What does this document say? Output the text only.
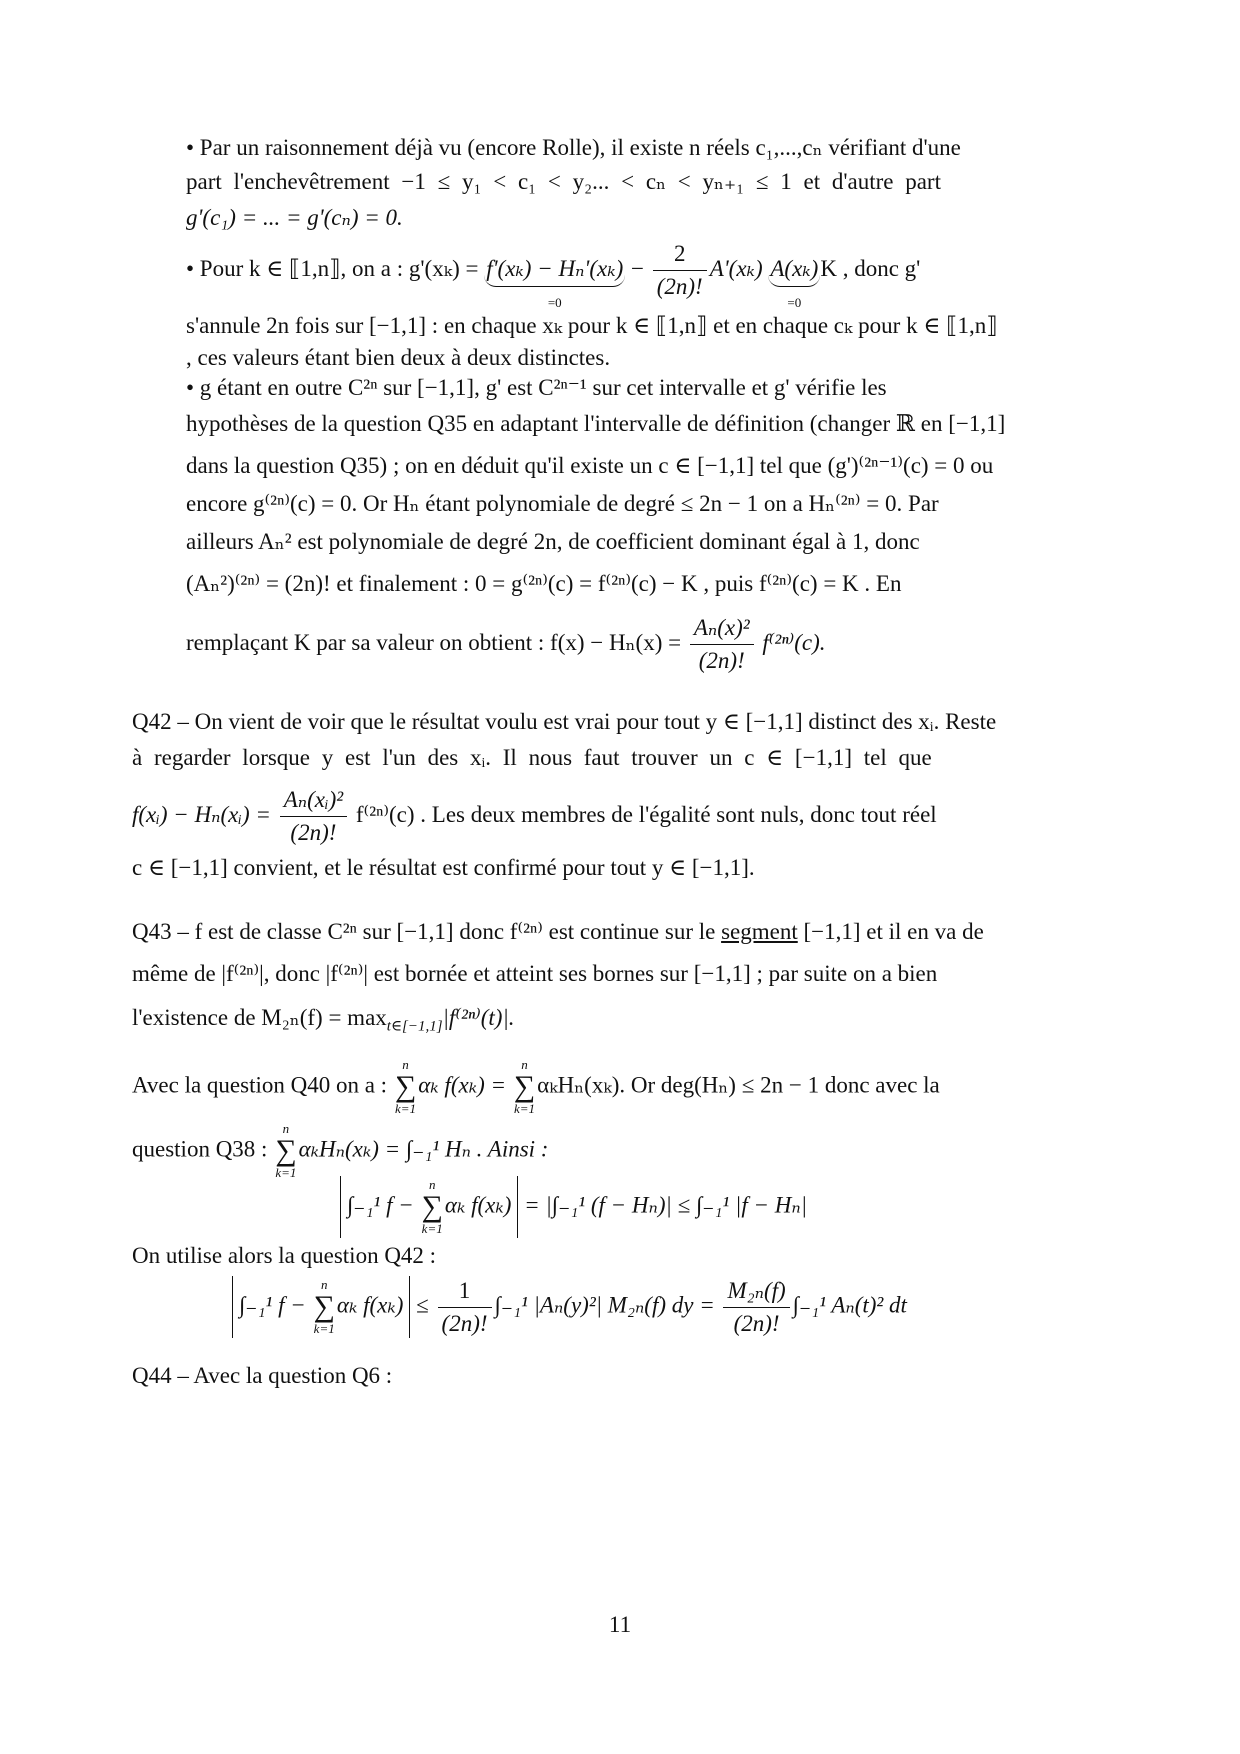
• Par un raisonnement déjà vu (encore Rolle), il existe n réels c₁,...,cₙ vérifiant d'une
part l'enchevêtrement −1 ≤ y₁ < c₁ < y₂... < cₙ < yₙ₊₁ ≤ 1 et d'autre part
g'(c₁) = ... = g'(cₙ) = 0.
• Pour k ∈ ⟦1,n⟧, on a : g'(xₖ) = f'(xₖ) − Hₙ'(xₖ)
=0
− $\frac{2}{(2n)!} A'(x_k)$ A(xₖ)
=0
K , donc g'
s'annule 2n fois sur [−1,1] : en chaque xₖ pour k ∈ ⟦1,n⟧ et en chaque cₖ pour k ∈ ⟦1,n⟧
, ces valeurs étant bien deux à deux distinctes.
• g étant en outre C²ⁿ sur [−1,1], g' est C²ⁿ⁻¹ sur cet intervalle et g' vérifie les
hypothèses de la question Q35 en adaptant l'intervalle de définition (changer ℝ en [−1,1]
dans la question Q35) ; on en déduit qu'il existe un c ∈ [−1,1] tel que (g')⁽²ⁿ⁻¹⁾(c) = 0 ou
encore g⁽²ⁿ⁾(c) = 0. Or Hₙ étant polynomiale de degré ≤ 2n − 1 on a Hₙ⁽²ⁿ⁾ = 0. Par
ailleurs Aₙ² est polynomiale de degré 2n, de coefficient dominant égal à 1, donc
(Aₙ²)⁽²ⁿ⁾ = (2n)! et finalement : 0 = g⁽²ⁿ⁾(c) = f⁽²ⁿ⁾(c) − K , puis f⁽²ⁿ⁾(c) = K . En
remplaçant K par sa valeur on obtient : $f(x) - H_n(x) = \frac{\text{Aₙ(x)²}}{(2n)!} f^{(2n)}(c)$.
Q42 – On vient de voir que le résultat voulu est vrai pour tout y ∈ [−1,1] distinct des xᵢ. Reste
à regarder lorsque y est l'un des xᵢ. Il nous faut trouver un c ∈ [−1,1] tel que
f(xᵢ) − Hₙ(xᵢ) = $\frac{\text{Aₙ(xᵢ)²}}{(2n)!} f^{(2n)}(c)$ . Les deux membres de l'égalité sont nuls, donc tout réel
c ∈ [−1,1] convient, et le résultat est confirmé pour tout y ∈ [−1,1].
Q43 – f est de classe C²ⁿ sur [−1,1] donc f⁽²ⁿ⁾ est continue sur le segment [−1,1] et il en va de
même de |f⁽²ⁿ⁾|, donc |f⁽²ⁿ⁾| est bornée et atteint ses bornes sur [−1,1] ; par suite on a bien
l'existence de $M_{2n}(f) = \max_{t\in[-1,1]}|f^{(2n)}(t)|$.
Avec la question Q40 on a :
n
∑
k=1
αₖ f(xₖ) =
n
∑
k=1
αₖHₙ(xₖ). Or deg(Hₙ) ≤ 2n − 1 donc avec la
question Q38 :
n
∑
k=1
αₖHₙ(xₖ) = ∫₋₁¹ Hₙ . Ainsi :
∫₋₁¹ f −
n
∑
k=1
αₖ f(xₖ) = |∫₋₁¹ (f − Hₙ)| ≤ ∫₋₁¹ |f − Hₙ|
On utilise alors la question Q42 :
∫₋₁¹ f −
n
∑
k=1
αₖ $f(x_k) \le \frac{1}{(2n)!} \int_{-1}^1$ |Aₙ(y)²| M₂ₙ(f) dy = $\frac{\text{M₂ₙ(f)}}{(2n)!} \int_{-1}^1$ Aₙ(t)² dt
Q44 – Avec la question Q6 :
11
